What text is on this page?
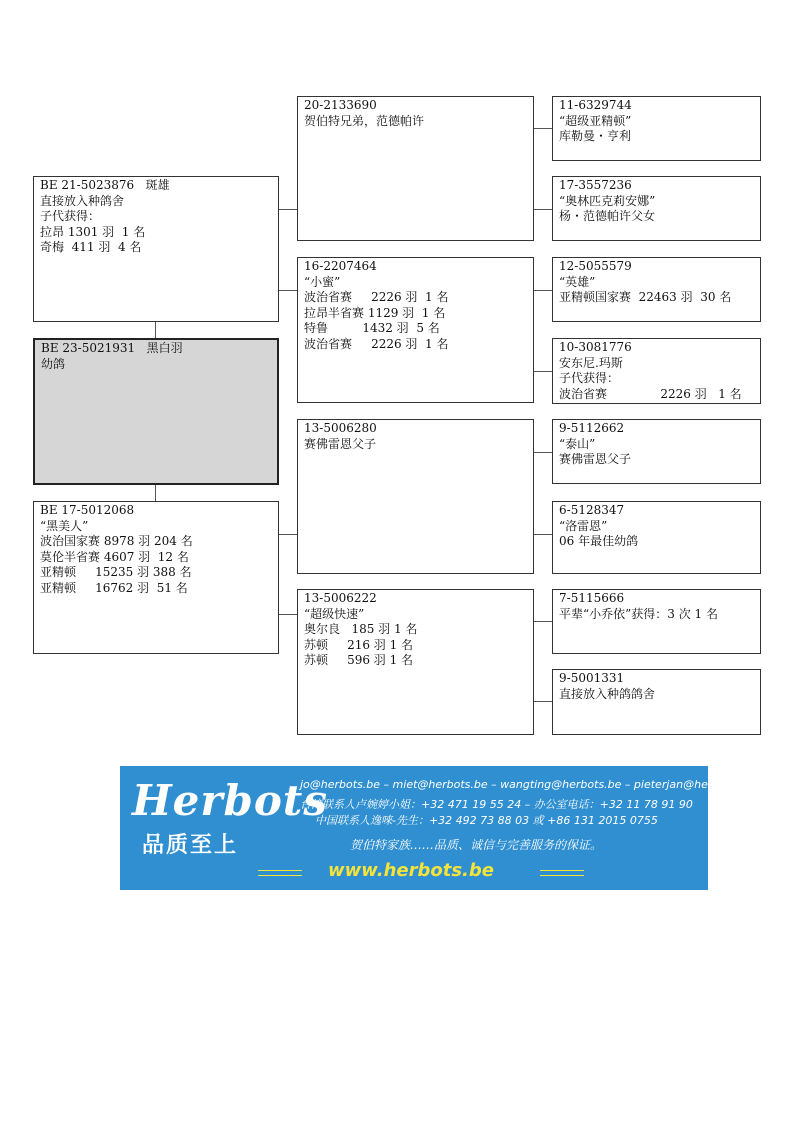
BE 21-5023876   斑雄
直接放入种鸽舍
子代获得：
拉昂 1301 羽  1 名
奇梅  411 羽  4 名
BE 23-5021931   黑白羽
幼鸽
BE 17-5012068
“黑美人”
波治国家赛 8978 羽 204 名
莫伦半省赛 4607 羽  12 名
亚精顿     15235 羽 388 名
亚精顿     16762 羽  51 名
20-2133690
贺伯特兄弟，范德帕许
16-2207464
“小蜜”
波治省赛     2226 羽  1 名
拉昂半省赛 1129 羽  1 名
特鲁         1432 羽  5 名
波治省赛     2226 羽  1 名
13-5006280
赛佛雷恩父子
13-5006222
“超级快速”
奥尔良   185 羽 1 名
苏顿     216 羽 1 名
苏顿     596 羽 1 名
11-6329744
“超级亚精顿”
库勒曼・亨利
17-3557236
“奥林匹克莉安娜”
杨・范德帕许父女
12-5055579
“英雄”
亚精顿国家赛  22463 羽  30 名
10-3081776
安东尼.玛斯
子代获得：
波治省赛              2226 羽   1 名
9-5112662
“泰山”
赛佛雷恩父子
6-5128347
“洛雷恩”
06 年最佳幼鸽
7-5115666
平辈“小乔依”获得：3 次 1 名
9-5001331
直接放入种鸽鸽舍
Herbots
品质至上
jo@herbots.be – miet@herbots.be – wangting@herbots.be – pieterjan@herbots.be
台湾联系人卢婉婷小姐：+32 471 19 55 24 – 办公室电话：+32 11 78 91 90
中国联系人逸唻-先生：+32 492 73 88 03 或 +86 131 2015 0755
贺伯特家族……品质、诚信与完善服务的保证。
www.herbots.be
